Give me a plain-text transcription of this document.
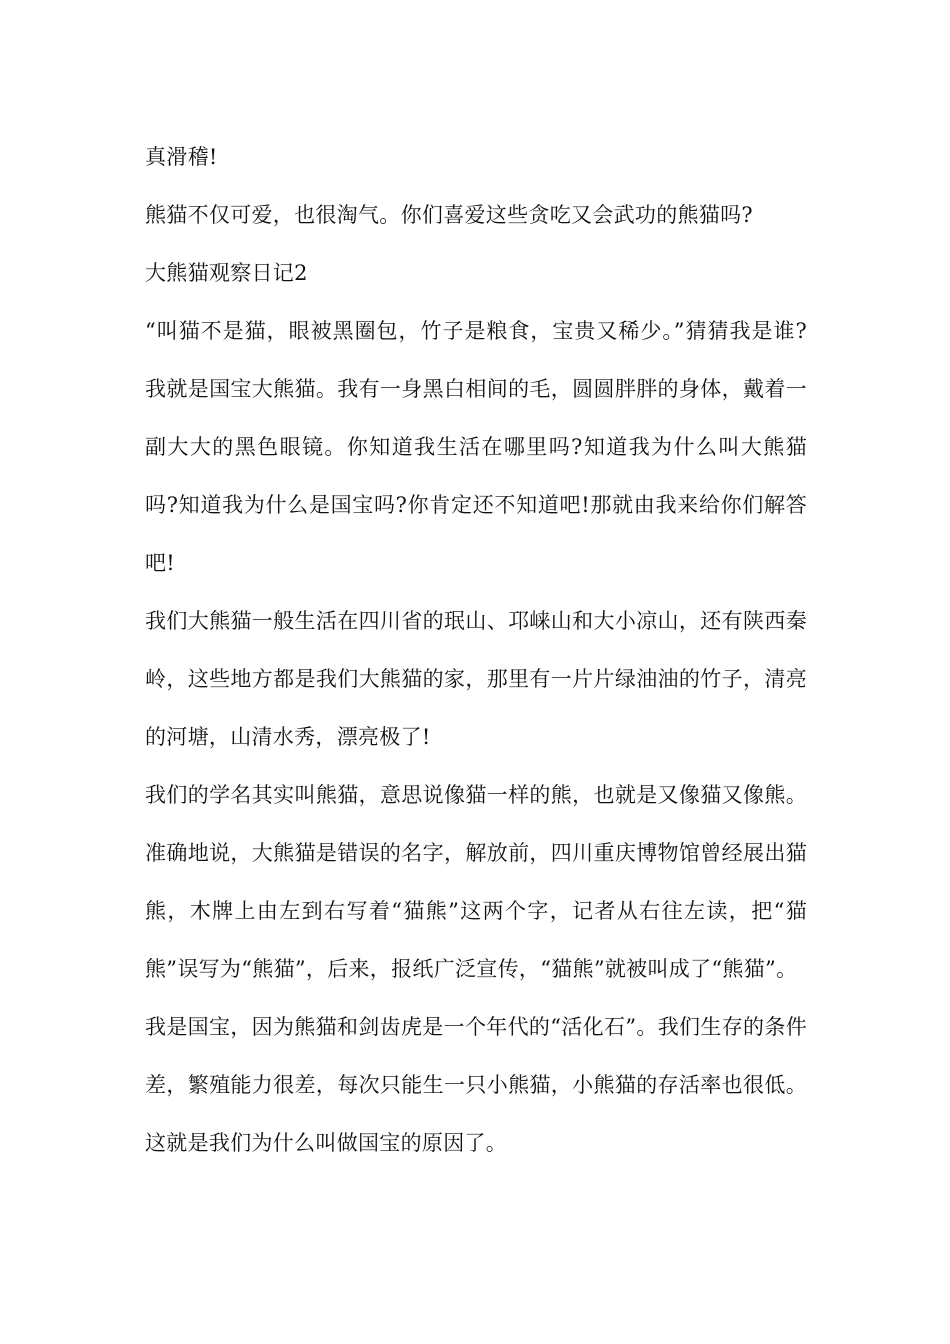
真滑稽!

熊猫不仅可爱，也很淘气。你们喜爱这些贪吃又会武功的熊猫吗?

大熊猫观察日记2

“叫猫不是猫，眼被黑圈包，竹子是粮食，宝贵又稀少。”猜猜我是谁?我就是国宝大熊猫。我有一身黑白相间的毛，圆圆胖胖的身体，戴着一副大大的黑色眼镜。你知道我生活在哪里吗?知道我为什么叫大熊猫吗?知道我为什么是国宝吗?你肯定还不知道吧!那就由我来给你们解答吧!

我们大熊猫一般生活在四川省的珉山、邛崃山和大小凉山，还有陕西秦岭，这些地方都是我们大熊猫的家，那里有一片片绿油油的竹子，清亮的河塘，山清水秀，漂亮极了!

我们的学名其实叫熊猫，意思说像猫一样的熊，也就是又像猫又像熊。准确地说，大熊猫是错误的名字，解放前，四川重庆博物馆曾经展出猫熊，木牌上由左到右写着“猫熊”这两个字，记者从右往左读，把“猫熊”误写为“熊猫”，后来，报纸广泛宣传，“猫熊”就被叫成了“熊猫”。

我是国宝，因为熊猫和剑齿虎是一个年代的“活化石”。我们生存的条件差，繁殖能力很差，每次只能生一只小熊猫，小熊猫的存活率也很低。这就是我们为什么叫做国宝的原因了。
